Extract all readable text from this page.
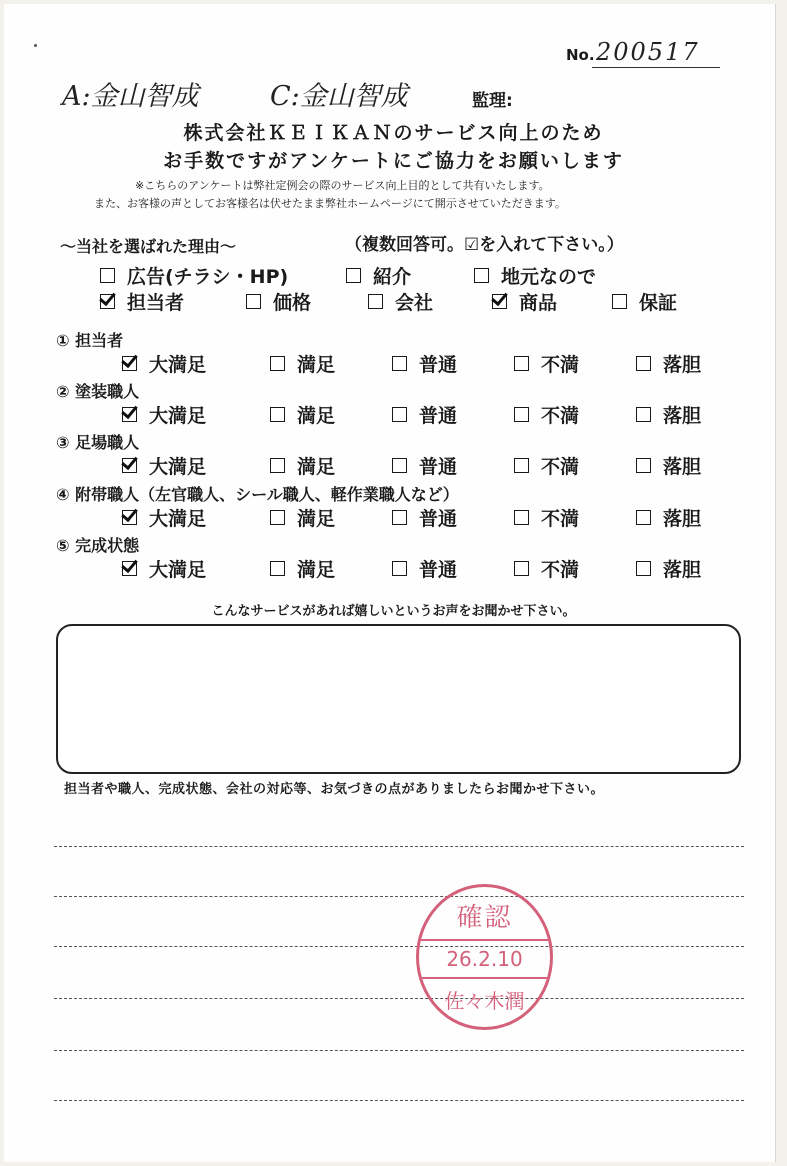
No. 200517
A:金山智成	C:金山智成	監理:
株式会社ＫＥＩＫＡＮのサービス向上のため
お手数ですがアンケートにご協力をお願いします
※こちらのアンケートは弊社定例会の際のサービス向上目的として共有いたします。
また、お客様の声としてお客様名は伏せたまま弊社ホームページにて開示させていただきます。
～当社を選ばれた理由～	（複数回答可。☑を入れて下さい。）
広告(チラシ・HP)	紹介	地元なので
担当者	価格	会社	商品	保証
① 担当者
大満足	満足	普通	不満	落胆
② 塗装職人
大満足	満足	普通	不満	落胆
③ 足場職人
大満足	満足	普通	不満	落胆
④ 附帯職人（左官職人、シール職人、軽作業職人など）
大満足	満足	普通	不満	落胆
⑤ 完成状態
大満足	満足	普通	不満	落胆
こんなサービスがあれば嬉しいというお声をお聞かせ下さい。
担当者や職人、完成状態、会社の対応等、お気づきの点がありましたらお聞かせ下さい。
確認
26.2.10
佐々木潤
